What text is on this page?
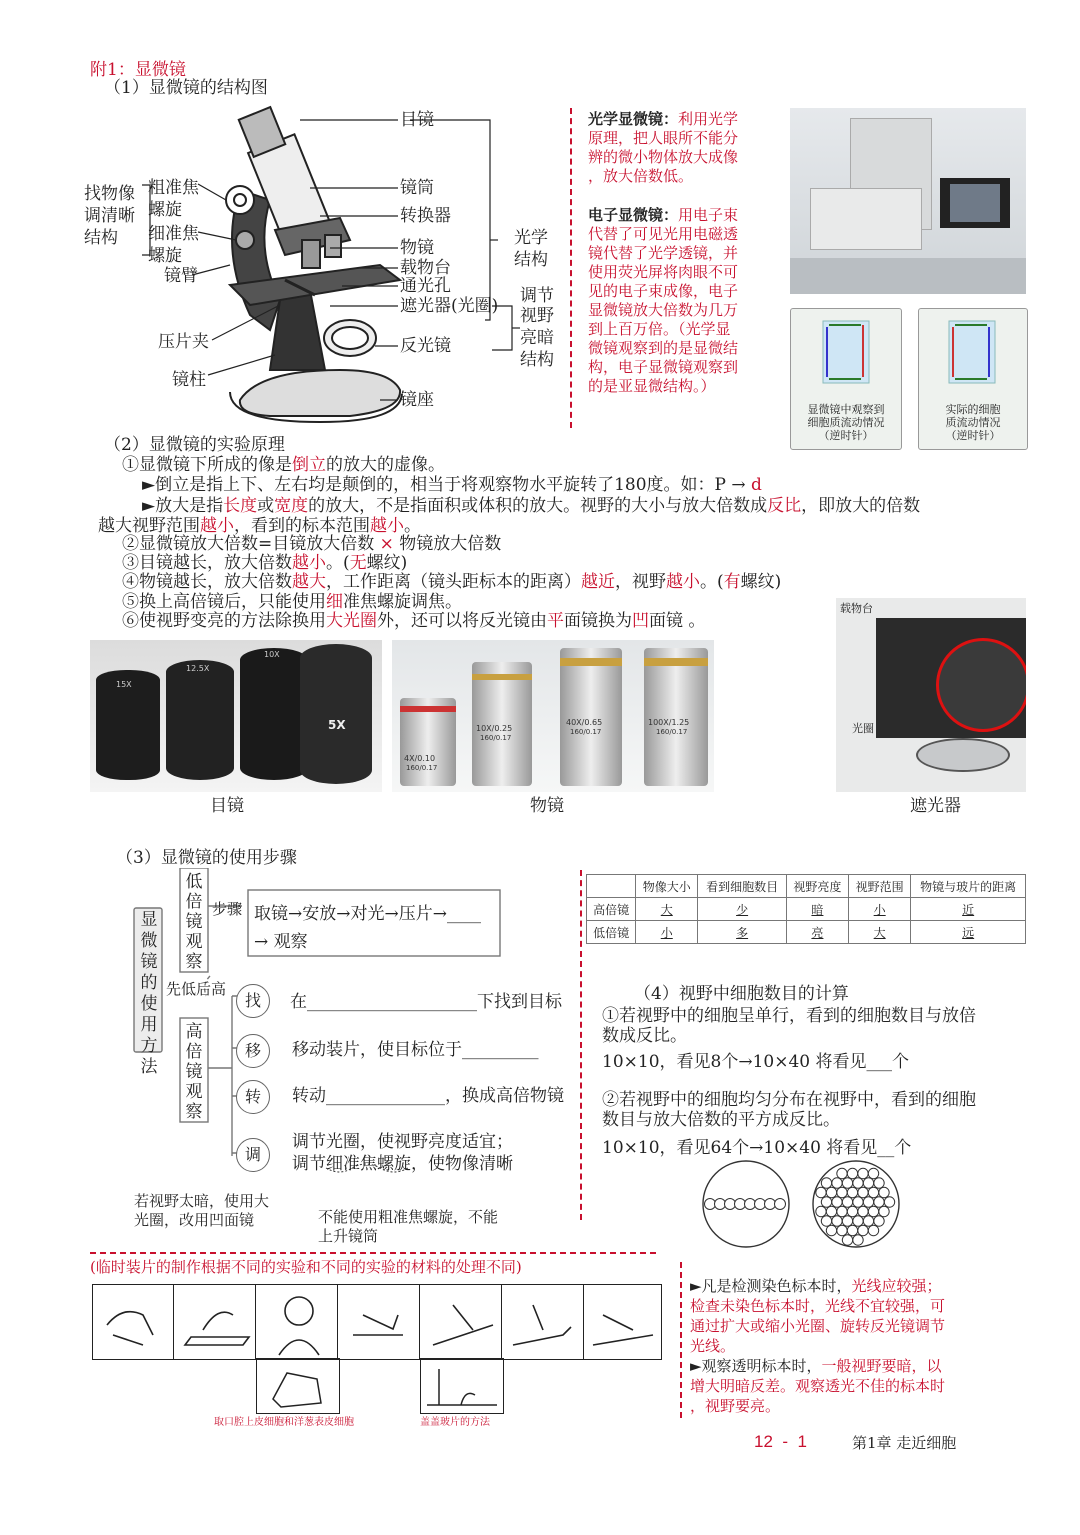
附1：显微镜
（1）显微镜的结构图
目镜
镜筒
转换器
物镜
载物台
通光孔
遮光器(光圈)
反光镜
镜座
镜柱
压片夹
镜臂
粗准焦
螺旋
细准焦
螺旋
找物像
调清晰
结构	光学
结构
调节
视野
亮暗
结构
光学显微镜：利用光学
原理，把人眼所不能分
辨的微小物体放大成像
，放大倍数低。
电子显微镜：用电子束
代替了可见光用电磁透
镜代替了光学透镜，并
使用荧光屏将肉眼不可
见的电子束成像，电子
显微镜放大倍数为几万
到上百万倍。（光学显
微镜观察到的是显微结
构，电子显微镜观察到
的是亚显微结构。）
显微镜中观察到
细胞质流动情况
（逆时针）
实际的细胞
质流动情况
（逆时针）
（2）显微镜的实验原理
①显微镜下所成的像是倒立的放大的虚像。
►倒立是指上下、左右均是颠倒的，相当于将观察物水平旋转了180度。如：P → d
►放大是指长度或宽度的放大，不是指面积或体积的放大。视野的大小与放大倍数成反比，即放大的倍数
越大视野范围越小，看到的标本范围越小。
②显微镜放大倍数=目镜放大倍数 × 物镜放大倍数
③目镜越长，放大倍数越小。(无螺纹)
④物镜越长，放大倍数越大，工作距离（镜头距标本的距离）越近，视野越小。(有螺纹)
⑤换上高倍镜后，只能使用细准焦螺旋调焦。
⑥使视野变亮的方法除换用大光圈外，还可以将反光镜由平面镜换为凹面镜 。
15X
12.5X
10X
5X
目镜
4X/0.10
160/0.17
10X/0.25
160/0.17
40X/0.65
160/0.17
100X/1.25
160/0.17
物镜
载物台
光圈
遮光器
（3）显微镜的使用步骤
显微镜的使用方法
低倍镜观察
高倍镜观察
步骤 取镜→安放→对光→压片→____
→ 观察
先低后高
找	在____________________下找到目标
移	移动装片，使目标位于_________
转	转动______________，换成高倍物镜
调
调节光圈，使视野亮度适宜；
调节细准焦螺旋，使物像清晰
若视野太暗，使用大
光圈，改用凹面镜	不能使用粗准焦螺旋，不能
上升镜筒
	物像大小	看到细胞数目	视野亮度	视野范围	物镜与玻片的距离
高倍镜	大	少	暗	小	近
低倍镜	小	多	亮	大	远
（4）视野中细胞数目的计算
①若视野中的细胞呈单行，看到的细胞数目与放倍
数成反比。
10×10，看见8个→10×40 将看见___个
②若视野中的细胞均匀分布在视野中，看到的细胞
数目与放大倍数的平方成反比。
10×10，看见64个→10×40 将看见__个
(临时装片的制作根据不同的实验和不同的实验的材料的处理不同)
取口腔上皮细胞和洋葱表皮细胞	盖盖玻片的方法
►凡是检测染色标本时，光线应较强；
检查未染色标本时，光线不宜较强，可
通过扩大或缩小光圈、旋转反光镜调节
光线。
►观察透明标本时，一般视野要暗，以
增大明暗反差。观察透光不佳的标本时
，视野要亮。
12  -  1	第1章 走近细胞
